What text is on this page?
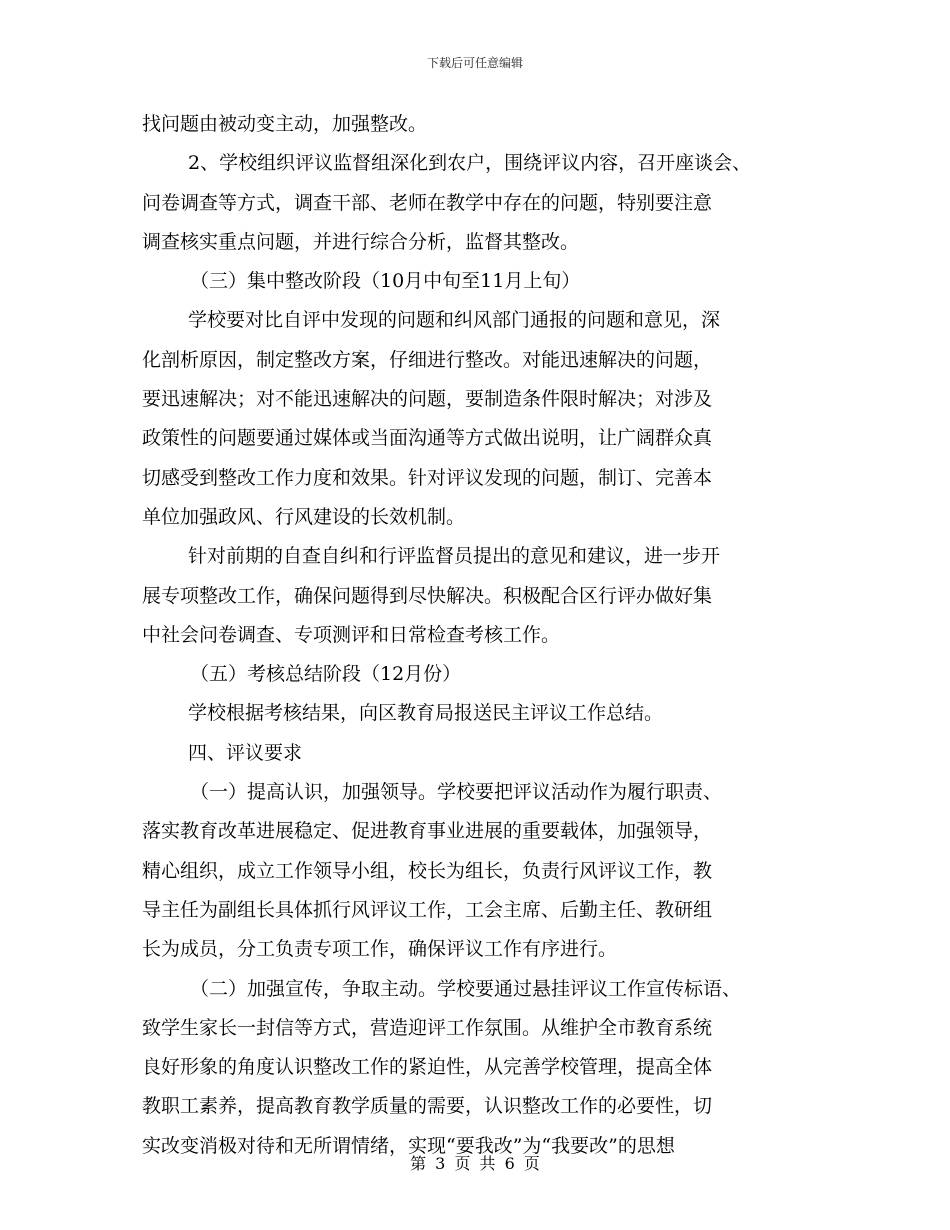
下载后可任意编辑
找问题由被动变主动，加强整改。
2、学校组织评议监督组深化到农户，围绕评议内容，召开座谈会、
问卷调查等方式，调查干部、老师在教学中存在的问题，特别要注意
调查核实重点问题，并进行综合分析，监督其整改。
（三）集中整改阶段（10月中旬至11月上旬）
学校要对比自评中发现的问题和纠风部门通报的问题和意见，深
化剖析原因，制定整改方案，仔细进行整改。对能迅速解决的问题，
要迅速解决；对不能迅速解决的问题，要制造条件限时解决；对涉及
政策性的问题要通过媒体或当面沟通等方式做出说明，让广阔群众真
切感受到整改工作力度和效果。针对评议发现的问题，制订、完善本
单位加强政风、行风建设的长效机制。
针对前期的自查自纠和行评监督员提出的意见和建议，进一步开
展专项整改工作，确保问题得到尽快解决。积极配合区行评办做好集
中社会问卷调查、专项测评和日常检查考核工作。
（五）考核总结阶段（12月份）
学校根据考核结果，向区教育局报送民主评议工作总结。
四、评议要求
（一）提高认识，加强领导。学校要把评议活动作为履行职责、
落实教育改革进展稳定、促进教育事业进展的重要载体，加强领导，
精心组织，成立工作领导小组，校长为组长，负责行风评议工作，教
导主任为副组长具体抓行风评议工作，工会主席、后勤主任、教研组
长为成员，分工负责专项工作，确保评议工作有序进行。
（二）加强宣传，争取主动。学校要通过悬挂评议工作宣传标语、
致学生家长一封信等方式，营造迎评工作氛围。从维护全市教育系统
良好形象的角度认识整改工作的紧迫性，从完善学校管理，提高全体
教职工素养，提高教育教学质量的需要，认识整改工作的必要性，切
实改变消极对待和无所谓情绪，实现“要我改”为“我要改”的思想
第 3 页 共 6 页
